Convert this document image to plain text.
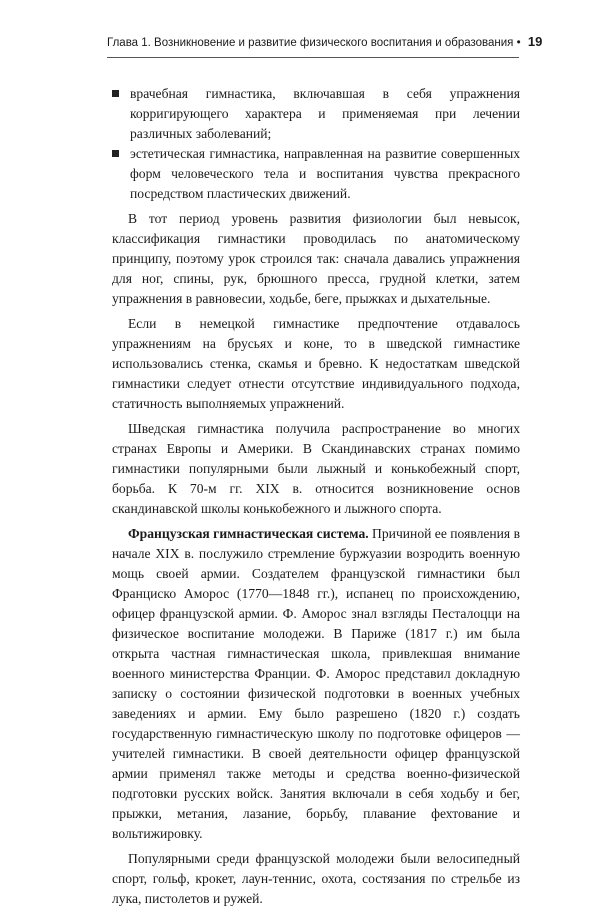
Глава 1. Возникновение и развитие физического воспитания и образования • 19
врачебная гимнастика, включавшая в себя упражнения корригирующего характера и применяемая при лечении различных заболеваний;
эстетическая гимнастика, направленная на развитие совершенных форм человеческого тела и воспитания чувства прекрасного посредством пластических движений.

В тот период уровень развития физиологии был невысок, классификация гимнастики проводилась по анатомическому принципу, поэтому урок строился так: сначала давались упражнения для ног, спины, рук, брюшного пресса, грудной клетки, затем упражнения в равновесии, ходьбе, беге, прыжках и дыхательные.

Если в немецкой гимнастике предпочтение отдавалось упражнениям на брусьях и коне, то в шведской гимнастике использовались стенка, скамья и бревно. К недостаткам шведской гимнастики следует отнести отсутствие индивидуального подхода, статичность выполняемых упражнений.

Шведская гимнастика получила распространение во многих странах Европы и Америки. В Скандинавских странах помимо гимнастики популярными были лыжный и конькобежный спорт, борьба. К 70-м гг. XIX в. относится возникновение основ скандинавской школы конькобежного и лыжного спорта.

Французская гимнастическая система. Причиной ее появления в начале XIX в. послужило стремление буржуазии возродить военную мощь своей армии. Создателем французской гимнастики был Франциско Аморос (1770—1848 гг.), испанец по происхождению, офицер французской армии. Ф. Аморос знал взгляды Песталоцци на физическое воспитание молодежи. В Париже (1817 г.) им была открыта частная гимнастическая школа, привлекшая внимание военного министерства Франции. Ф. Аморос представил докладную записку о состоянии физической подготовки в военных учебных заведениях и армии. Ему было разрешено (1820 г.) создать государственную гимнастическую школу по подготовке офицеров — учителей гимнастики. В своей деятельности офицер французской армии применял также методы и средства военно-физической подготовки русских войск. Занятия включали в себя ходьбу и бег, прыжки, метания, лазание, борьбу, плавание фехтование и вольтижировку.

Популярными среди французской молодежи были велосипедный спорт, гольф, крокет, лаун-теннис, охота, состязания по стрельбе из лука, пистолетов и ружей.
